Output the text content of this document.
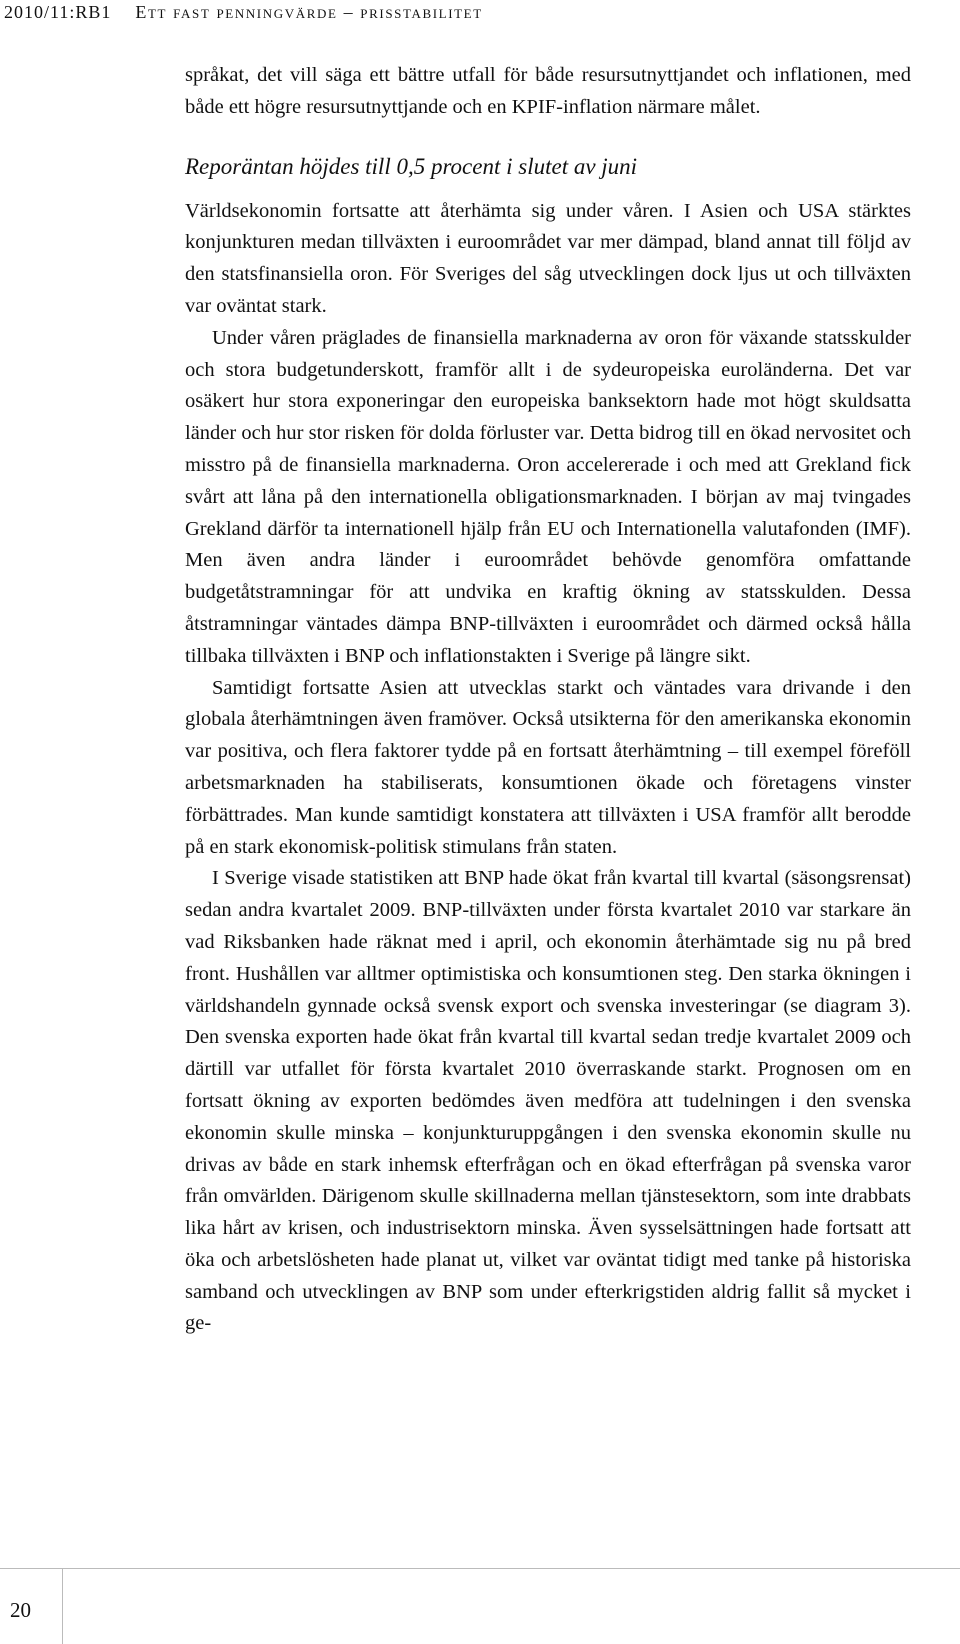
2010/11:RB1 Ett fast penningvärde – prisstabilitet

språkat, det vill säga ett bättre utfall för både resursutnyttjandet och inflationen, med både ett högre resursutnyttjande och en KPIF-inflation närmare målet.

Reporäntan höjdes till 0,5 procent i slutet av juni

Världsekonomin fortsatte att återhämta sig under våren. I Asien och USA stärktes konjunkturen medan tillväxten i euroområdet var mer dämpad, bland annat till följd av den statsfinansiella oron. För Sveriges del såg utvecklingen dock ljus ut och tillväxten var oväntat stark.

Under våren präglades de finansiella marknaderna av oron för växande statsskulder och stora budgetunderskott, framför allt i de sydeuropeiska euroländerna. Det var osäkert hur stora exponeringar den europeiska banksektorn hade mot högt skuldsatta länder och hur stor risken för dolda förluster var. Detta bidrog till en ökad nervositet och misstro på de finansiella marknaderna. Oron accelererade i och med att Grekland fick svårt att låna på den internationella obligationsmarknaden. I början av maj tvingades Grekland därför ta internationell hjälp från EU och Internationella valutafonden (IMF). Men även andra länder i euroområdet behövde genomföra omfattande budgetåtstramningar för att undvika en kraftig ökning av statsskulden. Dessa åtstramningar väntades dämpa BNP-tillväxten i euroområdet och därmed också hålla tillbaka tillväxten i BNP och inflationstakten i Sverige på längre sikt.

Samtidigt fortsatte Asien att utvecklas starkt och väntades vara drivande i den globala återhämtningen även framöver. Också utsikterna för den amerikanska ekonomin var positiva, och flera faktorer tydde på en fortsatt återhämtning – till exempel föreföll arbetsmarknaden ha stabiliserats, konsumtionen ökade och företagens vinster förbättrades. Man kunde samtidigt konstatera att tillväxten i USA framför allt berodde på en stark ekonomisk-politisk stimulans från staten.

I Sverige visade statistiken att BNP hade ökat från kvartal till kvartal (säsongsrensat) sedan andra kvartalet 2009. BNP-tillväxten under första kvartalet 2010 var starkare än vad Riksbanken hade räknat med i april, och ekonomin återhämtade sig nu på bred front. Hushållen var alltmer optimistiska och konsumtionen steg. Den starka ökningen i världshandeln gynnade också svensk export och svenska investeringar (se diagram 3). Den svenska exporten hade ökat från kvartal till kvartal sedan tredje kvartalet 2009 och därtill var utfallet för första kvartalet 2010 överraskande starkt. Prognosen om en fortsatt ökning av exporten bedömdes även medföra att tudelningen i den svenska ekonomin skulle minska – konjunkturuppgången i den svenska ekonomin skulle nu drivas av både en stark inhemsk efterfrågan och en ökad efterfrågan på svenska varor från omvärlden. Därigenom skulle skillnaderna mellan tjänstesektorn, som inte drabbats lika hårt av krisen, och industrisektorn minska. Även sysselsättningen hade fortsatt att öka och arbetslösheten hade planat ut, vilket var oväntat tidigt med tanke på historiska samband och utvecklingen av BNP som under efterkrigstiden aldrig fallit så mycket i ge-

20
